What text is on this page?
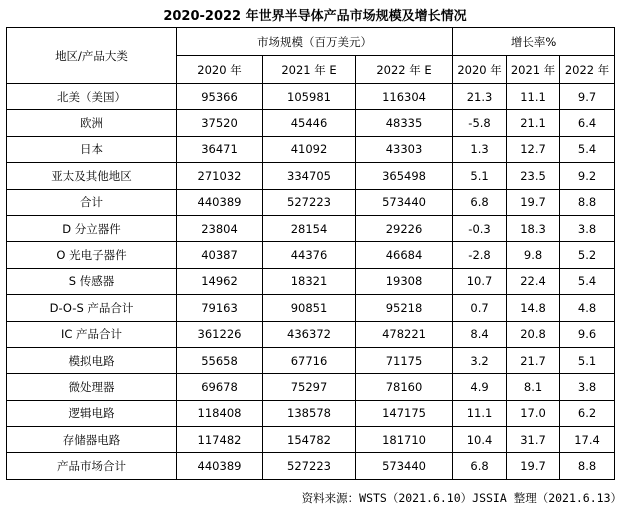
2020-2022 年世界半导体产品市场规模及增长情况
地区/产品大类	市场规模（百万美元）			增长率%		
	2020 年	2021 年 E	2022 年 E	2020 年	2021 年	2022 年
北美（美国）	95366	105981	116304	21.3	11.1	9.7
欧洲	37520	45446	48335	-5.8	21.1	6.4
日本	36471	41092	43303	1.3	12.7	5.4
亚太及其他地区	271032	334705	365498	5.1	23.5	9.2
合计	440389	527223	573440	6.8	19.7	8.8
D 分立器件	23804	28154	29226	-0.3	18.3	3.8
O 光电子器件	40387	44376	46684	-2.8	9.8	5.2
S 传感器	14962	18321	19308	10.7	22.4	5.4
D-O-S 产品合计	79163	90851	95218	0.7	14.8	4.8
IC 产品合计	361226	436372	478221	8.4	20.8	9.6
模拟电路	55658	67716	71175	3.2	21.7	5.1
微处理器	69678	75297	78160	4.9	8.1	3.8
逻辑电路	118408	138578	147175	11.1	17.0	6.2
存储器电路	117482	154782	181710	10.4	31.7	17.4
产品市场合计	440389	527223	573440	6.8	19.7	8.8
资料来源：WSTS（2021.6.10）JSSIA 整理（2021.6.13）
